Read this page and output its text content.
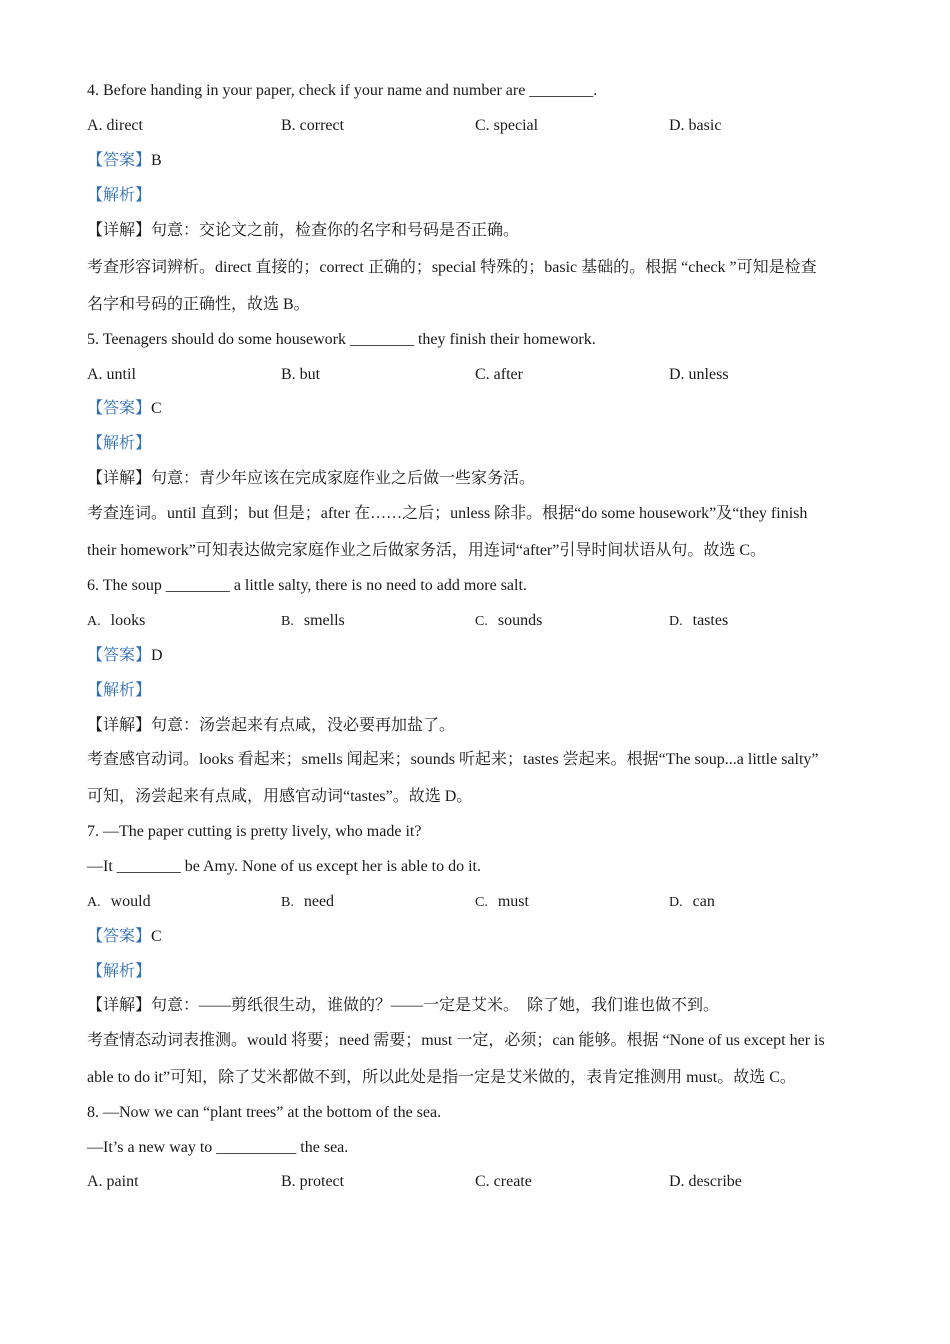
4. Before handing in your paper, check if your name and number are ________.
A. direct	B. correct	C. special	D. basic
【答案】B
【解析】
【详解】句意：交论文之前，检查你的名字和号码是否正确。
考查形容词辨析。direct 直接的；correct 正确的；special 特殊的；basic 基础的。根据 “check ”可知是检查
名字和号码的正确性，故选 B。
5. Teenagers should do some housework ________ they finish their homework.
A. until	B. but	C. after	D. unless
【答案】C
【解析】
【详解】句意：青少年应该在完成家庭作业之后做一些家务活。
考查连词。until 直到；but 但是；after 在……之后；unless 除非。根据“do some housework”及“they finish
their homework”可知表达做完家庭作业之后做家务活，用连词“after”引导时间状语从句。故选 C。
6. The soup ________ a little salty, there is no need to add more salt.
A. looks	B. smells	C. sounds	D. tastes
【答案】D
【解析】
【详解】句意：汤尝起来有点咸，没必要再加盐了。
考查感官动词。looks 看起来；smells 闻起来；sounds 听起来；tastes 尝起来。根据“The soup...a little salty”
可知，汤尝起来有点咸，用感官动词“tastes”。故选 D。
7. —The paper cutting is pretty lively, who made it?
—It ________ be Amy. None of us except her is able to do it.
A. would	B. need	C. must	D. can
【答案】C
【解析】
【详解】句意：——剪纸很生动，谁做的？——一定是艾米。  除了她，我们谁也做不到。
考查情态动词表推测。would 将要；need 需要；must 一定，必须；can 能够。根据 “None of us except her is
able to do it”可知，除了艾米都做不到，所以此处是指一定是艾米做的，表肯定推测用 must。故选 C。
8. —Now we can “plant trees” at the bottom of the sea.
—It’s a new way to __________ the sea.
A. paint	B. protect	C. create	D. describe
